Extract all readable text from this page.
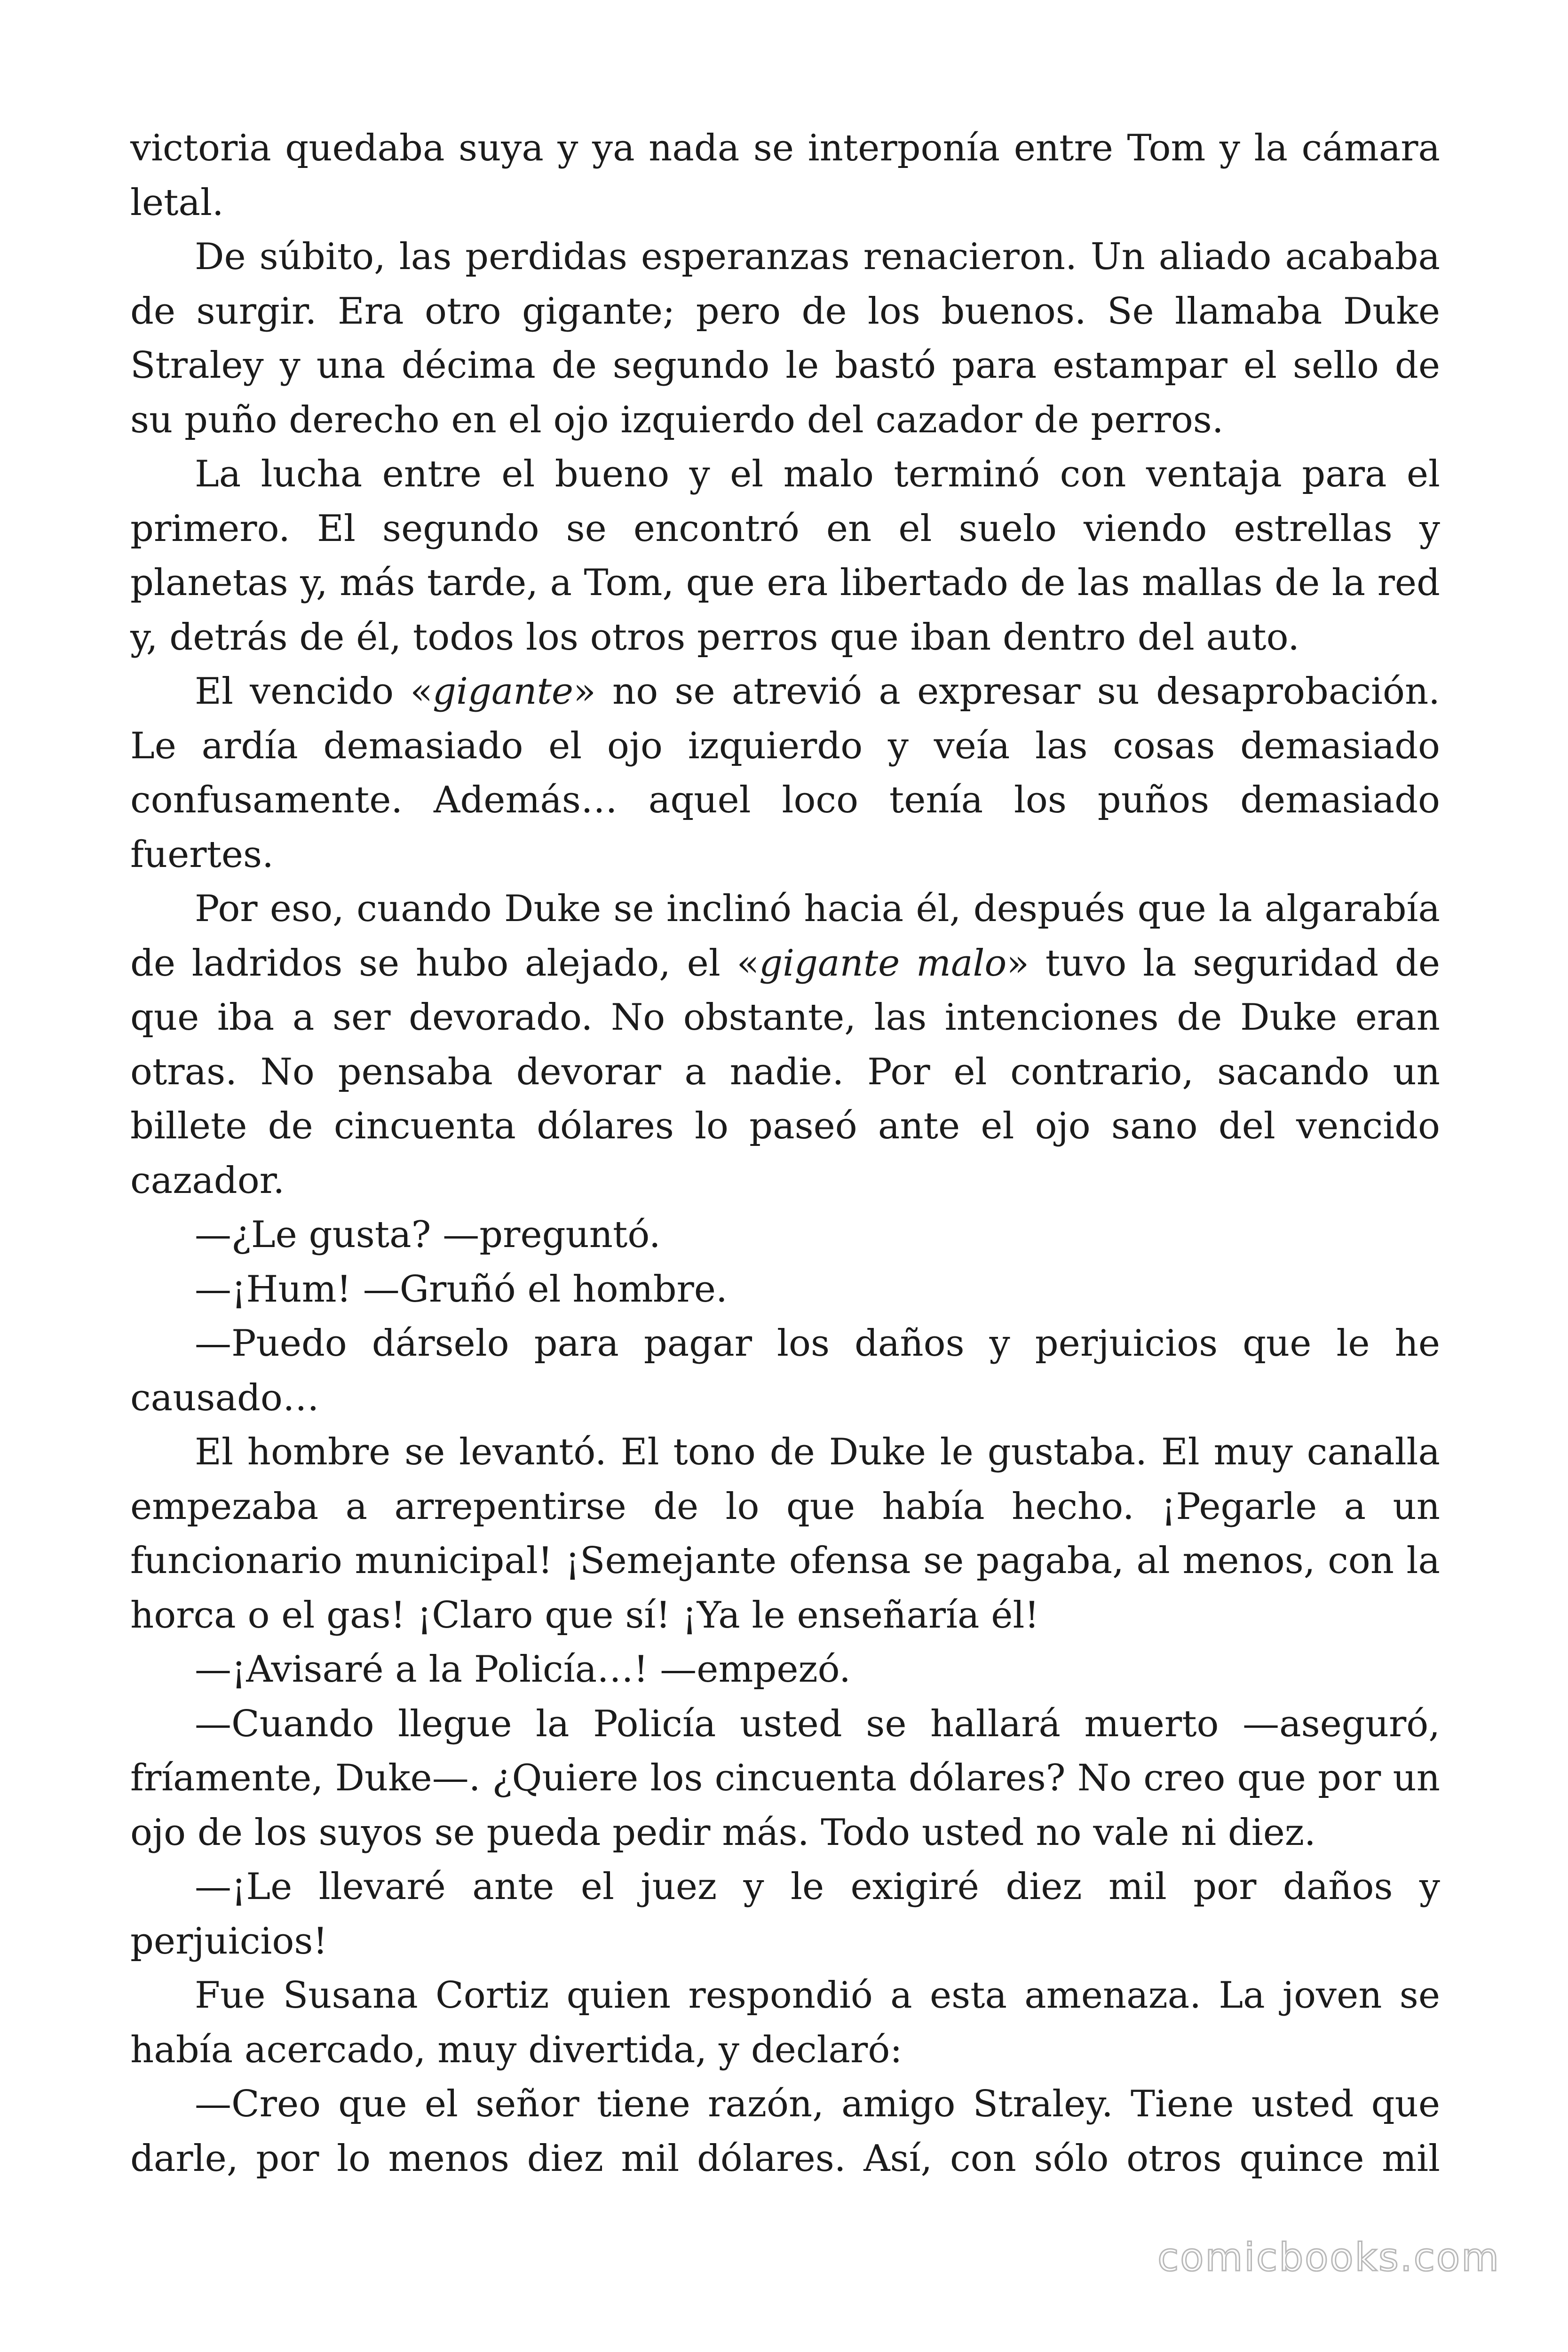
victoria quedaba suya y ya nada se interponía entre Tom y la cámara letal.

De súbito, las perdidas esperanzas renacieron. Un aliado acababa de surgir. Era otro gigante; pero de los buenos. Se llamaba Duke Straley y una décima de segundo le bastó para estampar el sello de su puño derecho en el ojo izquierdo del cazador de perros.

La lucha entre el bueno y el malo terminó con ventaja para el primero. El segundo se encontró en el suelo viendo estrellas y planetas y, más tarde, a Tom, que era libertado de las mallas de la red y, detrás de él, todos los otros perros que iban dentro del auto.

El vencido «gigante» no se atrevió a expresar su desaprobación. Le ardía demasiado el ojo izquierdo y veía las cosas demasiado confusamente. Además… aquel loco tenía los puños demasiado fuertes.

Por eso, cuando Duke se inclinó hacia él, después que la algarabía de ladridos se hubo alejado, el «gigante malo» tuvo la seguridad de que iba a ser devorado. No obstante, las intenciones de Duke eran otras. No pensaba devorar a nadie. Por el contrario, sacando un billete de cincuenta dólares lo paseó ante el ojo sano del vencido cazador.

—¿Le gusta? —preguntó.

—¡Hum! —Gruñó el hombre.

—Puedo dárselo para pagar los daños y perjuicios que le he causado…

El hombre se levantó. El tono de Duke le gustaba. El muy canalla empezaba a arrepentirse de lo que había hecho. ¡Pegarle a un funcionario municipal! ¡Semejante ofensa se pagaba, al menos, con la horca o el gas! ¡Claro que sí! ¡Ya le enseñaría él!

—¡Avisaré a la Policía…! —empezó.

—Cuando llegue la Policía usted se hallará muerto —aseguró, fríamente, Duke—. ¿Quiere los cincuenta dólares? No creo que por un ojo de los suyos se pueda pedir más. Todo usted no vale ni diez.

—¡Le llevaré ante el juez y le exigiré diez mil por daños y perjuicios!

Fue Susana Cortiz quien respondió a esta amenaza. La joven se había acercado, muy divertida, y declaró:

—Creo que el señor tiene razón, amigo Straley. Tiene usted que darle, por lo menos diez mil dólares. Así, con sólo otros quince mil

comicbooks.com
